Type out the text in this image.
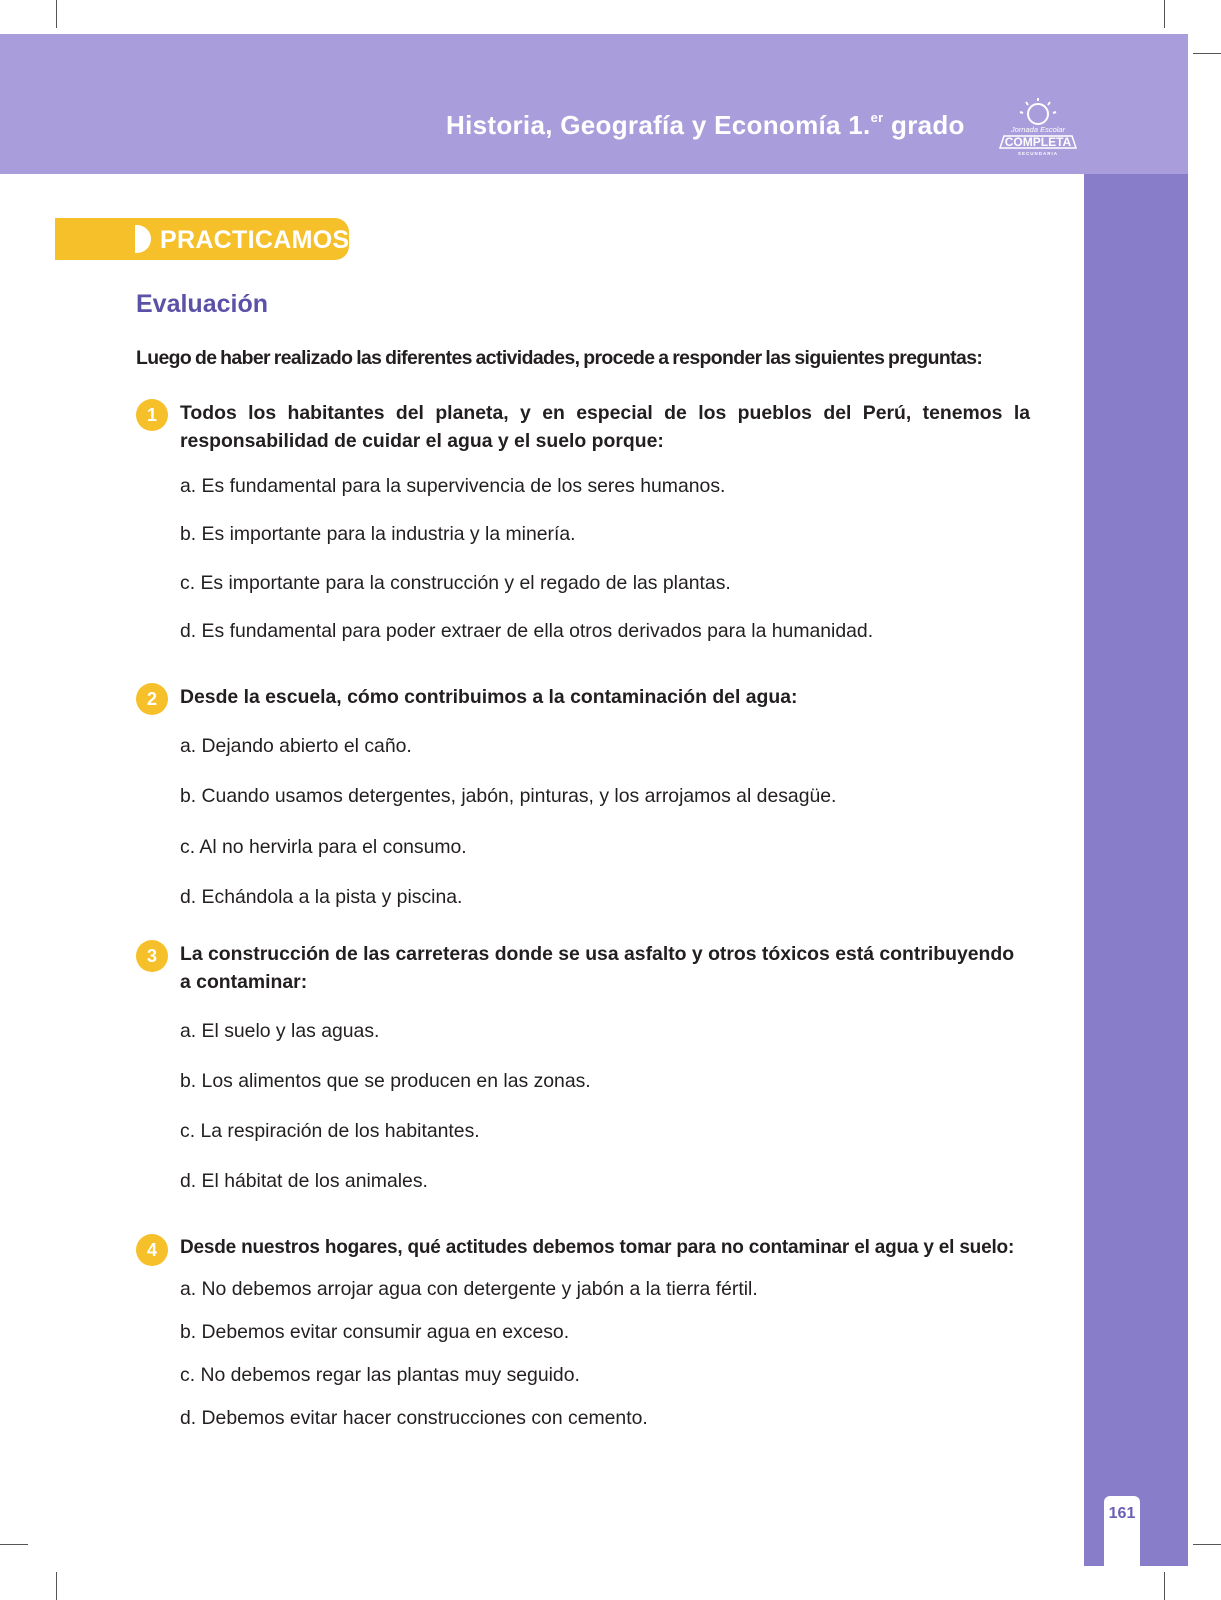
Historia, Geografía y Economía 1.$^{er}$ grado	Jornada Escolar
COMPLETA
SECUNDARIA
161
PRACTICAMOS
Evaluación
Luego de haber realizado las diferentes actividades, procede a responder las siguientes preguntas:
1	Todos los habitantes del planeta, y en especial de los pueblos del Perú, tenemos la responsabilidad de cuidar el agua y el suelo porque:
a. Es fundamental para la supervivencia de los seres humanos.
b. Es importante para la industria y la minería.
c. Es importante para la construcción y el regado de las plantas.
d. Es fundamental para poder extraer de ella otros derivados para la humanidad.
2	Desde la escuela, cómo contribuimos a la contaminación del agua:
a. Dejando abierto el caño.
b. Cuando usamos detergentes, jabón, pinturas, y los arrojamos al desagüe.
c. Al no hervirla para el consumo.
d. Echándola a la pista y piscina.
3	La construcción de las carreteras donde se usa asfalto y otros tóxicos está contribuyendo a contaminar:
a. El suelo y las aguas.
b. Los alimentos que se producen en las zonas.
c. La respiración de los habitantes.
d. El hábitat de los animales.
4	Desde nuestros hogares, qué actitudes debemos tomar para no contaminar el agua y el suelo:
a. No debemos arrojar agua con detergente y jabón a la tierra fértil.
b. Debemos evitar consumir agua en exceso.
c. No debemos regar las plantas muy seguido.
d. Debemos evitar hacer construcciones con cemento.
